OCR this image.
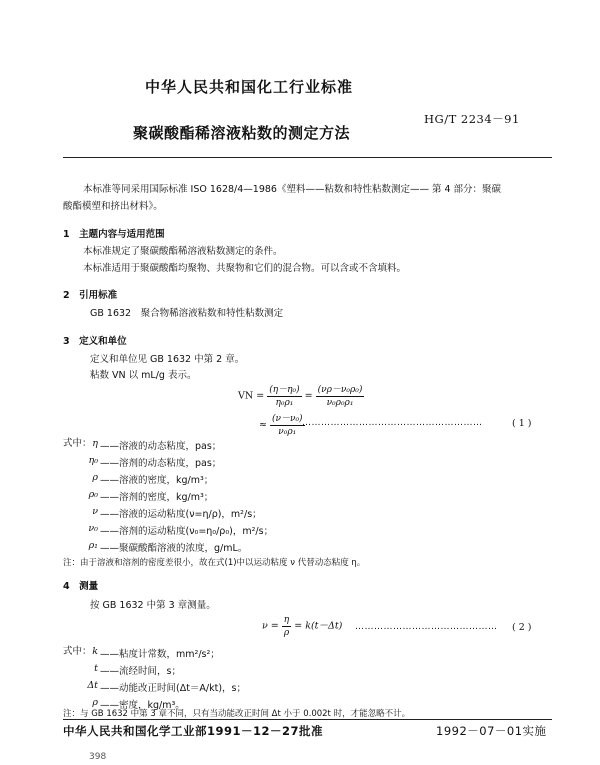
中华人民共和国化工行业标准
HG/T 2234－91
聚碳酸酯稀溶液粘数的测定方法
本标准等同采用国际标准 ISO 1628/4—1986《塑料——粘数和特性粘数测定—— 第 4 部分：聚碳
酸酯模塑和挤出材料》。
1　主题内容与适用范围
本标准规定了聚碳酸酯稀溶液粘数测定的条件。
本标准适用于聚碳酸酯均聚物、共聚物和它们的混合物。可以含或不含填料。
2　引用标准
GB 1632　聚合物稀溶液粘数和特性粘数测定
3　定义和单位
定义和单位见 GB 1632 中第 2 章。
粘数 VN 以 mL/g 表示。
VN = $\frac{\text{(η－η₀)}}{\text{η₀ρ₁}} = \frac{\text{(νρ－ν₀ρ₀)}}{\text{ν₀ρ₀ρ₁}}$
≈ $\frac{\text{(ν－ν₀)}}{\text{ν₀ρ₁}}$
…………………………………………………	( 1 )
式中： η ——溶液的动态粘度，pas；
η₀ ——溶剂的动态粘度，pas；
ρ ——溶液的密度，kg/m³；
ρ₀ ——溶剂的密度，kg/m³；
ν ——溶液的运动粘度(ν=η/ρ)，m²/s；
ν₀ ——溶剂的运动粘度(ν₀=η₀/ρ₀)，m²/s；
ρ₁ ——聚碳酸酯溶液的浓度，g/mL。
注：由于溶液和溶剂的密度差很小，故在式(1)中以运动粘度 ν 代替动态粘度 η。
4　测量
按 GB 1632 中第 3 章测量。
$\nu = \frac{\eta}{\rho} = k(t-\Delta t)$ ……………………………………… ( 2 )
式中： k ——粘度计常数，mm²/s²；
t ——流经时间，s；
Δt ——动能改正时间(Δt＝A/kt)，s；
ρ ——密度，kg/m³。
注：与 GB 1632 中第 3 章不同，只有当动能改正时间 Δt 小于 0.002t 时，才能忽略不计。
中华人民共和国化学工业部1991－12－27批准	1992－07－01实施
398
